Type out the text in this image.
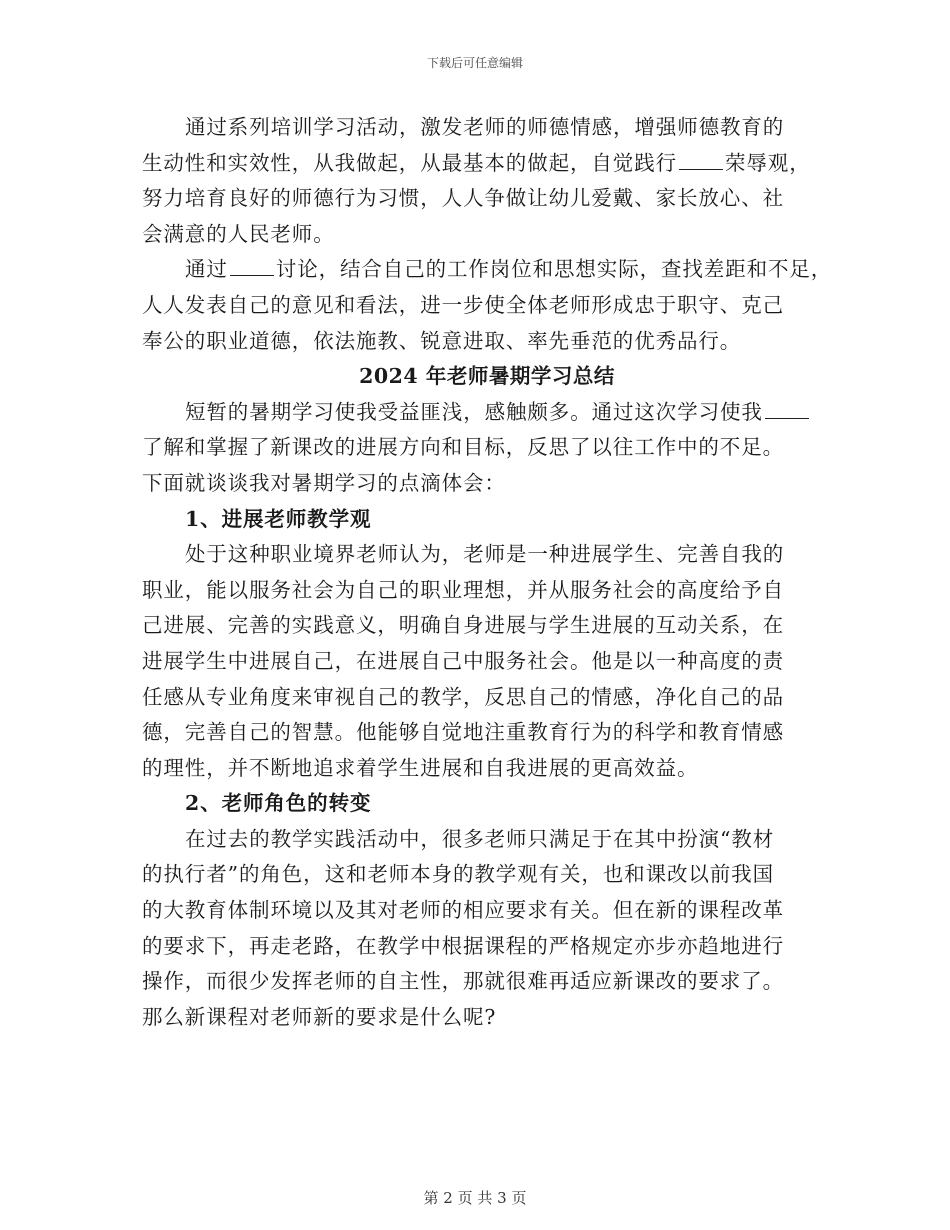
下载后可任意编辑
通过系列培训学习活动，激发老师的师德情感，增强师德教育的
生动性和实效性，从我做起，从最基本的做起，自觉践行 荣辱观，
努力培育良好的师德行为习惯，人人争做让幼儿爱戴、家长放心、社
会满意的人民老师。
通过 讨论，结合自己的工作岗位和思想实际，查找差距和不足，
人人发表自己的意见和看法，进一步使全体老师形成忠于职守、克己
奉公的职业道德，依法施教、锐意进取、率先垂范的优秀品行。
2024 年老师暑期学习总结
短暂的暑期学习使我受益匪浅，感触颇多。通过这次学习使我
了解和掌握了新课改的进展方向和目标，反思了以往工作中的不足。
下面就谈谈我对暑期学习的点滴体会：
1、进展老师教学观
处于这种职业境界老师认为，老师是一种进展学生、完善自我的
职业，能以服务社会为自己的职业理想，并从服务社会的高度给予自
己进展、完善的实践意义，明确自身进展与学生进展的互动关系，在
进展学生中进展自己，在进展自己中服务社会。他是以一种高度的责
任感从专业角度来审视自己的教学，反思自己的情感，净化自己的品
德，完善自己的智慧。他能够自觉地注重教育行为的科学和教育情感
的理性，并不断地追求着学生进展和自我进展的更高效益。
2、老师角色的转变
在过去的教学实践活动中，很多老师只满足于在其中扮演“教材
的执行者”的角色，这和老师本身的教学观有关，也和课改以前我国
的大教育体制环境以及其对老师的相应要求有关。但在新的课程改革
的要求下，再走老路，在教学中根据课程的严格规定亦步亦趋地进行
操作，而很少发挥老师的自主性，那就很难再适应新课改的要求了。
那么新课程对老师新的要求是什么呢?
第 2 页 共 3 页
